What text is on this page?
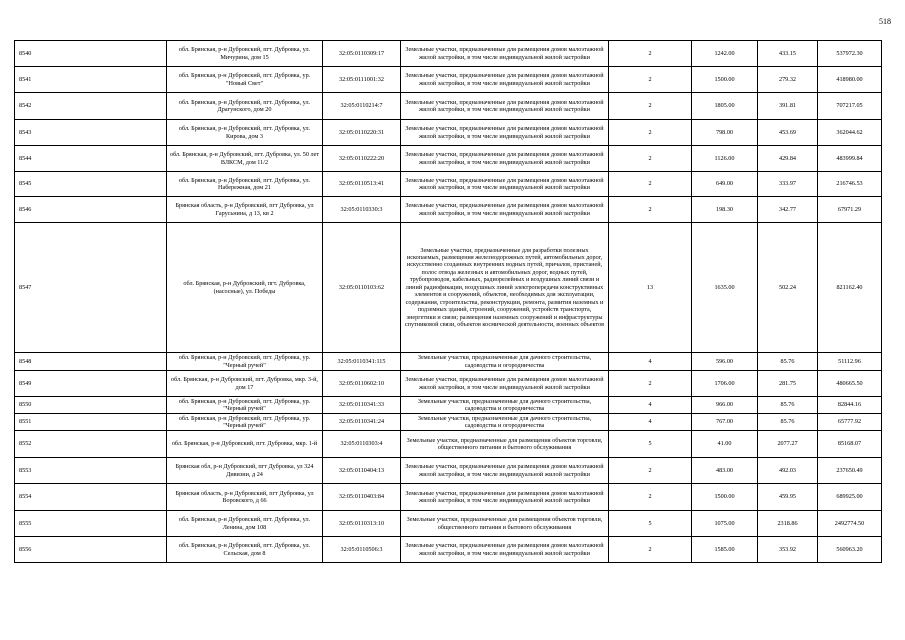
518
8540	обл. Брянская, р-н Дубровский, пгт. Дубровка, ул. Мичурина, дом 15	32:05:0110309:17	Земельные участки, предназначенные для размещения домов малоэтажной жилой застройки, в том числе индивидуальной жилой застройки	2	1242.00	433.15	537972.30
8541	обл. Брянская, р-н Дубровский, пгт. Дубровка, ур. "Новый Свет"	32:05:0111001:32	Земельные участки, предназначенные для размещения домов малоэтажной жилой застройки, в том числе индивидуальной жилой застройки	2	1500.00	279.32	418980.00
8542	обл. Брянская, р-н Дубровский, пгт. Дубровка, ул. Драгунского, дом 20	32:05:0110214:7	Земельные участки, предназначенные для размещения домов малоэтажной жилой застройки, в том числе индивидуальной жилой застройки	2	1805.00	391.81	707217.05
8543	обл. Брянская, р-н Дубровский, пгт. Дубровка, ул. Кирова, дом 3	32:05:0110220:31	Земельные участки, предназначенные для размещения домов малоэтажной жилой застройки, в том числе индивидуальной жилой застройки	2	798.00	453.69	362044.62
8544	обл. Брянская, р-н Дубровский, пгт. Дубровка, ул. 50 лет ВЛКСМ, дом 11/2	32:05:0110222:20	Земельные участки, предназначенные для размещения домов малоэтажной жилой застройки, в том числе индивидуальной жилой застройки	2	1126.00	429.84	483999.84
8545	обл. Брянская, р-н Дубровский, пгт. Дубровка, ул. Набережная, дом 21	32:05:0110513:41	Земельные участки, предназначенные для размещения домов малоэтажной жилой застройки, в том числе индивидуальной жилой застройки	2	649.00	333.97	216746.53
8546	Брянская область, р-н Дубровский, пгт Дубровка, ул Гарусьнина, д 13, кв 2	32:05:0110330:3	Земельные участки, предназначенные для размещения домов малоэтажной жилой застройки, в том числе индивидуальной жилой застройки	2	198.30	342.77	67971.29
8547	обл. Брянская, р-н Дубровский, пгт. Дубровка, (насосные), ул. Победы	32:05:0110103:62	Земельные участки, предназначенные для разработки полезных ископаемых, размещения железнодорожных путей, автомобильных дорог, искусственно созданных внутренних водных путей, причалов, пристаней, полос отвода железных и автомобильных дорог, водных путей, трубопроводов, кабельных, радиорелейных и воздушных линий связи и линий радиофикации, воздушных линий электропередачи конструктивных элементов и сооружений, объектов, необходимых для эксплуатации, содержания, строительства, реконструкции, ремонта, развития наземных и подземных зданий, строений, сооружений, устройств транспорта, энергетики и связи; размещения наземных сооружений и инфраструктуры спутниковой связи, объектов космической деятельности, военных объектов	13	1635.00	502.24	821162.40
8548	обл. Брянская, р-н Дубровский, пгт. Дубровка, ур. "Черный ручей"	32:05:0110341:115	Земельные участки, предназначенные для дачного строительства, садоводства и огородничества	4	596.00	85.76	51112.96
8549	обл. Брянская, р-н Дубровский, пгт. Дубровка, мкр. 3-й, дом 17	32:05:0110602:10	Земельные участки, предназначенные для размещения домов малоэтажной жилой застройки, в том числе индивидуальной жилой застройки	2	1706.00	281.75	480665.50
8550	обл. Брянская, р-н Дубровский, пгт. Дубровка, ур. "Черный ручей"	32:05:0110341:33	Земельные участки, предназначенные для дачного строительства, садоводства и огородничества	4	966.00	85.76	82844.16
8551	обл. Брянская, р-н Дубровский, пгт. Дубровка, ур. "Черный ручей"	32:05:0110341:24	Земельные участки, предназначенные для дачного строительства, садоводства и огородничества	4	767.00	85.76	65777.92
8552	обл. Брянская, р-н Дубровский, пгт. Дубровка, мкр. 1-й	32:05:0110303:4	Земельные участки, предназначенные для размещения объектов торговли, общественного питания и бытового обслуживания	5	41.00	2077.27	85168.07
8553	Брянская обл, р-н Дубровский, пгт Дубровка, ул 324 Дивизии, д 24	32:05:0110404:13	Земельные участки, предназначенные для размещения домов малоэтажной жилой застройки, в том числе индивидуальной жилой застройки	2	483.00	492.03	237650.49
8554	Брянская область, р-н Дубровский, пгт Дубровка, ул Воровского, д 66	32:05:0110403:84	Земельные участки, предназначенные для размещения домов малоэтажной жилой застройки, в том числе индивидуальной жилой застройки	2	1500.00	459.95	689925.00
8555	обл. Брянская, р-н Дубровский, пгт. Дубровка, ул. Ленина, дом 108	32:05:0110313:10	Земельные участки, предназначенные для размещения объектов торговли, общественного питания и бытового обслуживания	5	1075.00	2318.86	2492774.50
8556	обл. Брянская, р-н Дубровский, пгт. Дубровка, ул. Сельская, дом 8	32:05:0110506:3	Земельные участки, предназначенные для размещения домов малоэтажной жилой застройки, в том числе индивидуальной жилой застройки	2	1585.00	353.92	560963.20
